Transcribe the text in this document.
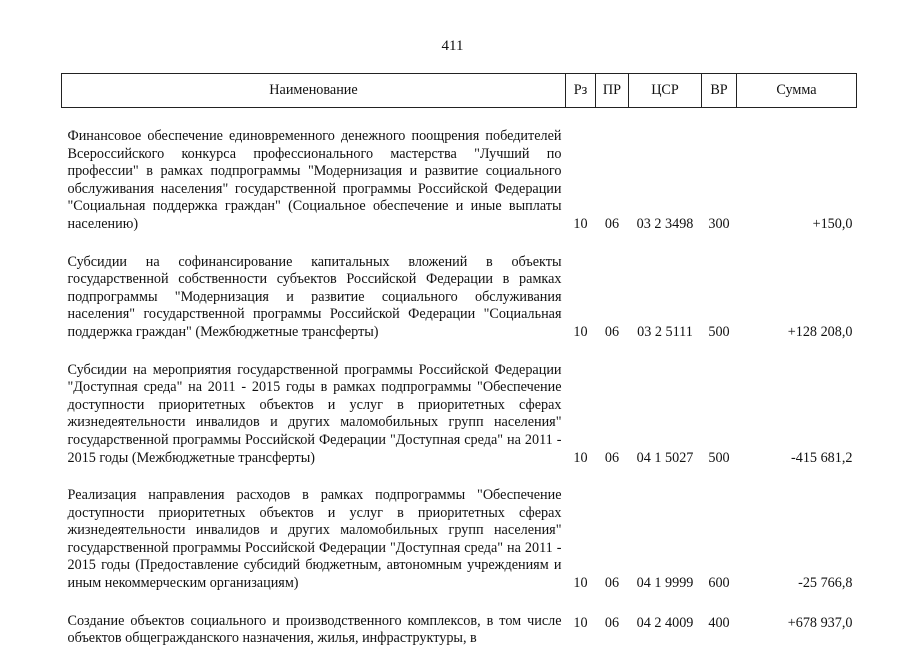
411
Наименование	Рз	ПР	ЦСР	ВР	Сумма

Финансовое обеспечение единовременного денежного поощрения победителей Всероссийского конкурса профессионального мастерства "Лучший по профессии" в рамках подпрограммы "Модернизация и развитие социального обслуживания населения" государственной программы Российской Федерации "Социальная поддержка граждан" (Социальное обеспечение и иные выплаты населению)	10	06	03 2 3498	300	+150,0

Субсидии на софинансирование капитальных вложений в объекты государственной собственности субъектов Российской Федерации в рамках подпрограммы "Модернизация и развитие социального обслуживания населения" государственной программы Российской Федерации "Социальная поддержка граждан" (Межбюджетные трансферты)	10	06	03 2 5111	500	+128 208,0

Субсидии на мероприятия государственной программы Российской Федерации "Доступная среда" на 2011 - 2015 годы в рамках подпрограммы "Обеспечение доступности приоритетных объектов и услуг в приоритетных сферах жизнедеятельности инвалидов и других маломобильных групп населения" государственной программы Российской Федерации "Доступная среда" на 2011 - 2015 годы (Межбюджетные трансферты)	10	06	04 1 5027	500	-415 681,2

Реализация направления расходов в рамках подпрограммы "Обеспечение доступности приоритетных объектов и услуг в приоритетных сферах жизнедеятельности инвалидов и других маломобильных групп населения" государственной программы Российской Федерации "Доступная среда" на 2011 - 2015 годы (Предоставление субсидий бюджетным, автономным учреждениям и иным некоммерческим организациям)	10	06	04 1 9999	600	-25 766,8

Создание объектов социального и производственного комплексов, в том числе объектов общегражданского назначения, жилья, инфраструктуры, в	10	06	04 2 4009	400	+678 937,0
